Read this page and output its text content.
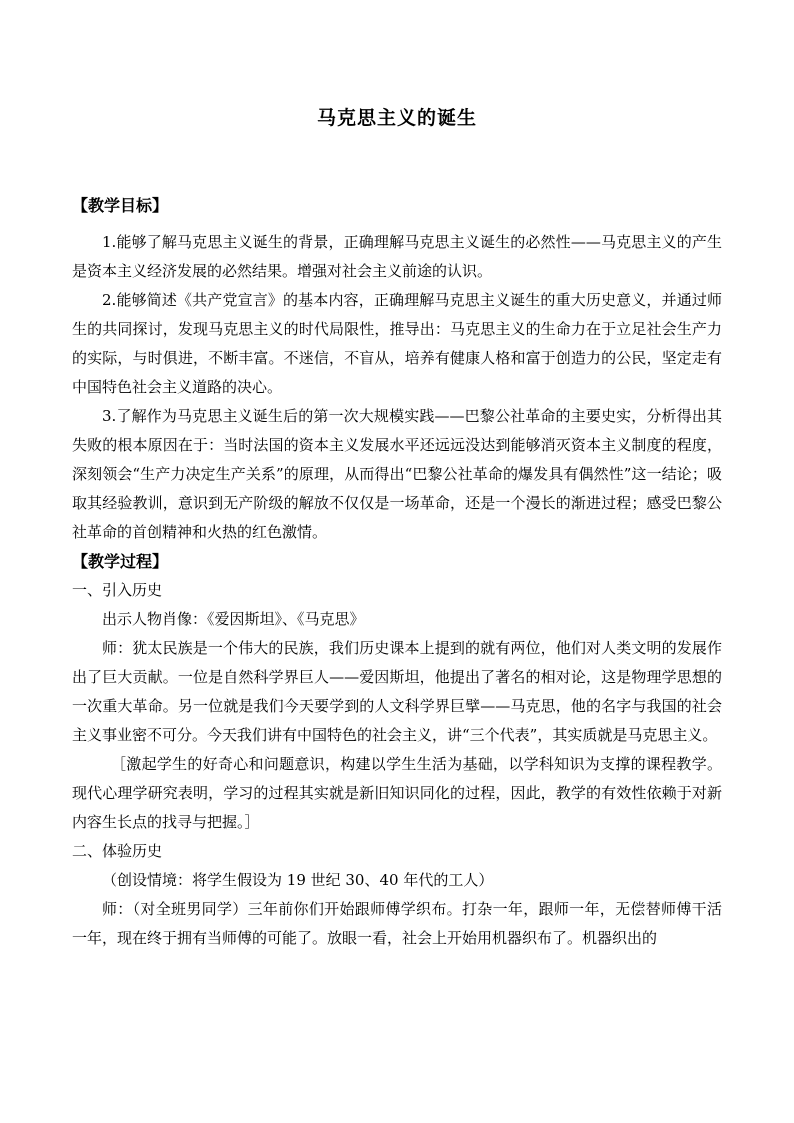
马克思主义的诞生

【教学目标】

1.能够了解马克思主义诞生的背景，正确理解马克思主义诞生的必然性——马克思主义的产生是资本主义经济发展的必然结果。增强对社会主义前途的认识。

2.能够简述《共产党宣言》的基本内容，正确理解马克思主义诞生的重大历史意义，并通过师生的共同探讨，发现马克思主义的时代局限性，推导出：马克思主义的生命力在于立足社会生产力的实际，与时俱进，不断丰富。不迷信，不盲从，培养有健康人格和富于创造力的公民，坚定走有中国特色社会主义道路的决心。

3.了解作为马克思主义诞生后的第一次大规模实践——巴黎公社革命的主要史实，分析得出其失败的根本原因在于：当时法国的资本主义发展水平还远远没达到能够消灭资本主义制度的程度，深刻领会“生产力决定生产关系”的原理，从而得出“巴黎公社革命的爆发具有偶然性”这一结论；吸取其经验教训，意识到无产阶级的解放不仅仅是一场革命，还是一个漫长的渐进过程；感受巴黎公社革命的首创精神和火热的红色激情。

【教学过程】

一、引入历史

出示人物肖像：《爱因斯坦》、《马克思》

师：犹太民族是一个伟大的民族，我们历史课本上提到的就有两位，他们对人类文明的发展作出了巨大贡献。一位是自然科学界巨人——爱因斯坦，他提出了著名的相对论，这是物理学思想的一次重大革命。另一位就是我们今天要学到的人文科学界巨擘——马克思，他的名字与我国的社会主义事业密不可分。今天我们讲有中国特色的社会主义，讲“三个代表”，其实质就是马克思主义。

［激起学生的好奇心和问题意识，构建以学生生活为基础，以学科知识为支撑的课程教学。现代心理学研究表明，学习的过程其实就是新旧知识同化的过程，因此，教学的有效性依赖于对新内容生长点的找寻与把握。］

二、体验历史

（创设情境：将学生假设为 19 世纪 30、40 年代的工人）

师：（对全班男同学）三年前你们开始跟师傅学织布。打杂一年，跟师一年，无偿替师傅干活一年，现在终于拥有当师傅的可能了。放眼一看，社会上开始用机器织布了。机器织出的
